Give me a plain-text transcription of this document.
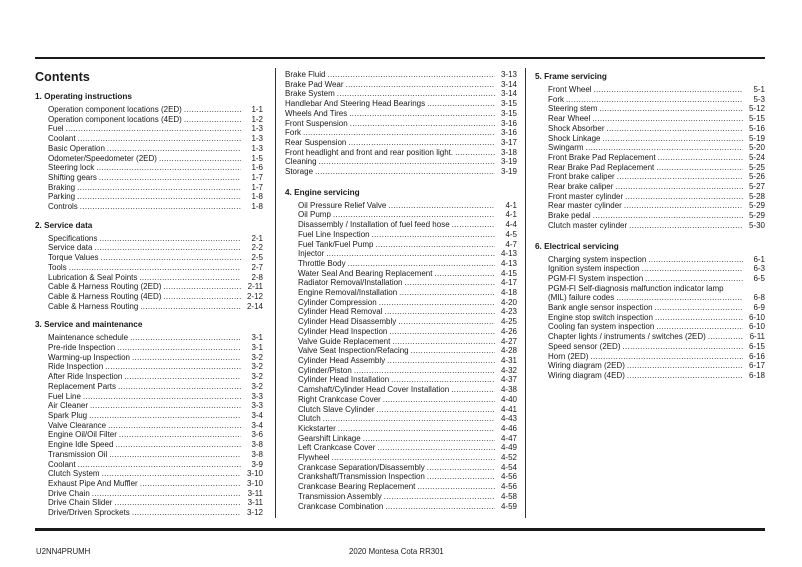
Contents
1. Operating instructions
Operation component locations (2ED) .....	1-1
Operation component locations (4ED) .....	1-2
Fuel .....	1-3
Coolant .....	1-3
Basic Operation .....	1-3
Odometer/Speedometer (2ED) .....	1-5
Steering lock .....	1-6
Shifting gears .....	1-7
Braking .....	1-7
Parking .....	1-8
Controls .....	1-8
2. Service data
Specifications .....	2-1
Service data .....	2-2
Torque Values .....	2-5
Tools .....	2-7
Lubrication & Seal Points .....	2-8
Cable & Harness Routing (2ED) .....	2-11
Cable & Harness Routing (4ED) .....	2-12
Cable & Harness Routing .....	2-14
3. Service and maintenance
Maintenance schedule .....	3-1
Pre-ride Inspection .....	3-1
Warming-up Inspection .....	3-2
Ride Inspection .....	3-2
After Ride Inspection .....	3-2
Replacement Parts .....	3-2
Fuel Line .....	3-3
Air Cleaner .....	3-3
Spark Plug .....	3-4
Valve Clearance .....	3-4
Engine Oil/Oil Filter .....	3-6
Engine Idle Speed .....	3-8
Transmission Oil .....	3-8
Coolant .....	3-9
Clutch System .....	3-10
Exhaust Pipe And Muffler .....	3-10
Drive Chain .....	3-11
Drive Chain Slider .....	3-11
Drive/Driven Sprockets .....	3-12
Brake Fluid .....	3-13
Brake Pad Wear .....	3-14
Brake System .....	3-14
Handlebar And Steering Head Bearings .....	3-15
Wheels And Tires .....	3-15
Front Suspension .....	3-16
Fork .....	3-16
Rear Suspension .....	3-17
Front headlight and front and rear position light. .....	3-18
Cleaning .....	3-19
Storage .....	3-19
4. Engine servicing
Oil Pressure Relief Valve .....	4-1
Oil Pump .....	4-1
Disassembly / Installation of fuel feed hose .....	4-4
Fuel Line Inspection .....	4-5
Fuel Tank/Fuel Pump .....	4-7
Injector .....	4-13
Throttle Body .....	4-13
Water Seal And Bearing Replacement .....	4-15
Radiator Removal/Installation .....	4-17
Engine Removal/Installation .....	4-18
Cylinder Compression .....	4-20
Cylinder Head Removal .....	4-23
Cylinder Head Disassembly .....	4-25
Cylinder Head Inspection .....	4-26
Valve Guide Replacement .....	4-27
Valve Seat Inspection/Refacing .....	4-28
Cylinder Head Assembly .....	4-31
Cylinder/Piston .....	4-32
Cylinder Head Installation .....	4-37
Camshaft/Cylinder Head Cover Installation .....	4-38
Right Crankcase Cover .....	4-40
Clutch Slave Cylinder .....	4-41
Clutch .....	4-43
Kickstarter .....	4-46
Gearshift Linkage .....	4-47
Left Crankcase Cover .....	4-49
Flywheel .....	4-52
Crankcase Separation/Disassembly .....	4-54
Crankshaft/Transmission Inspection .....	4-56
Crankcase Bearing Replacement .....	4-56
Transmission Assembly .....	4-58
Crankcase Combination .....	4-59
5. Frame servicing
Front Wheel .....	5-1
Fork .....	5-3
Steering stem .....	5-12
Rear Wheel .....	5-15
Shock Absorber .....	5-16
Shock Linkage .....	5-19
Swingarm .....	5-20
Front Brake Pad Replacement .....	5-24
Rear Brake Pad Replacement .....	5-25
Front brake caliper .....	5-26
Rear brake caliper .....	5-27
Front master cylinder .....	5-28
Rear master cylinder .....	5-29
Brake pedal .....	5-29
Clutch master cylinder .....	5-30
6. Electrical servicing
Charging system inspection .....	6-1
Ignition system inspection .....	6-3
PGM-FI System inspection .....	6-5
PGM-FI Self-diagnosis malfunction indicator lamp
(MIL) failure codes .....	6-8
Bank angle sensor inspection .....	6-9
Engine stop switch inspection .....	6-10
Cooling fan system inspection .....	6-10
Chapter lights / instruments / switches (2ED) .....	6-11
Speed sensor (2ED) .....	6-15
Horn (2ED) .....	6-16
Wiring diagram (2ED) .....	6-17
Wiring diagram (4ED) .....	6-18
U2NN4PRUMH	2020 Montesa Cota RR301
